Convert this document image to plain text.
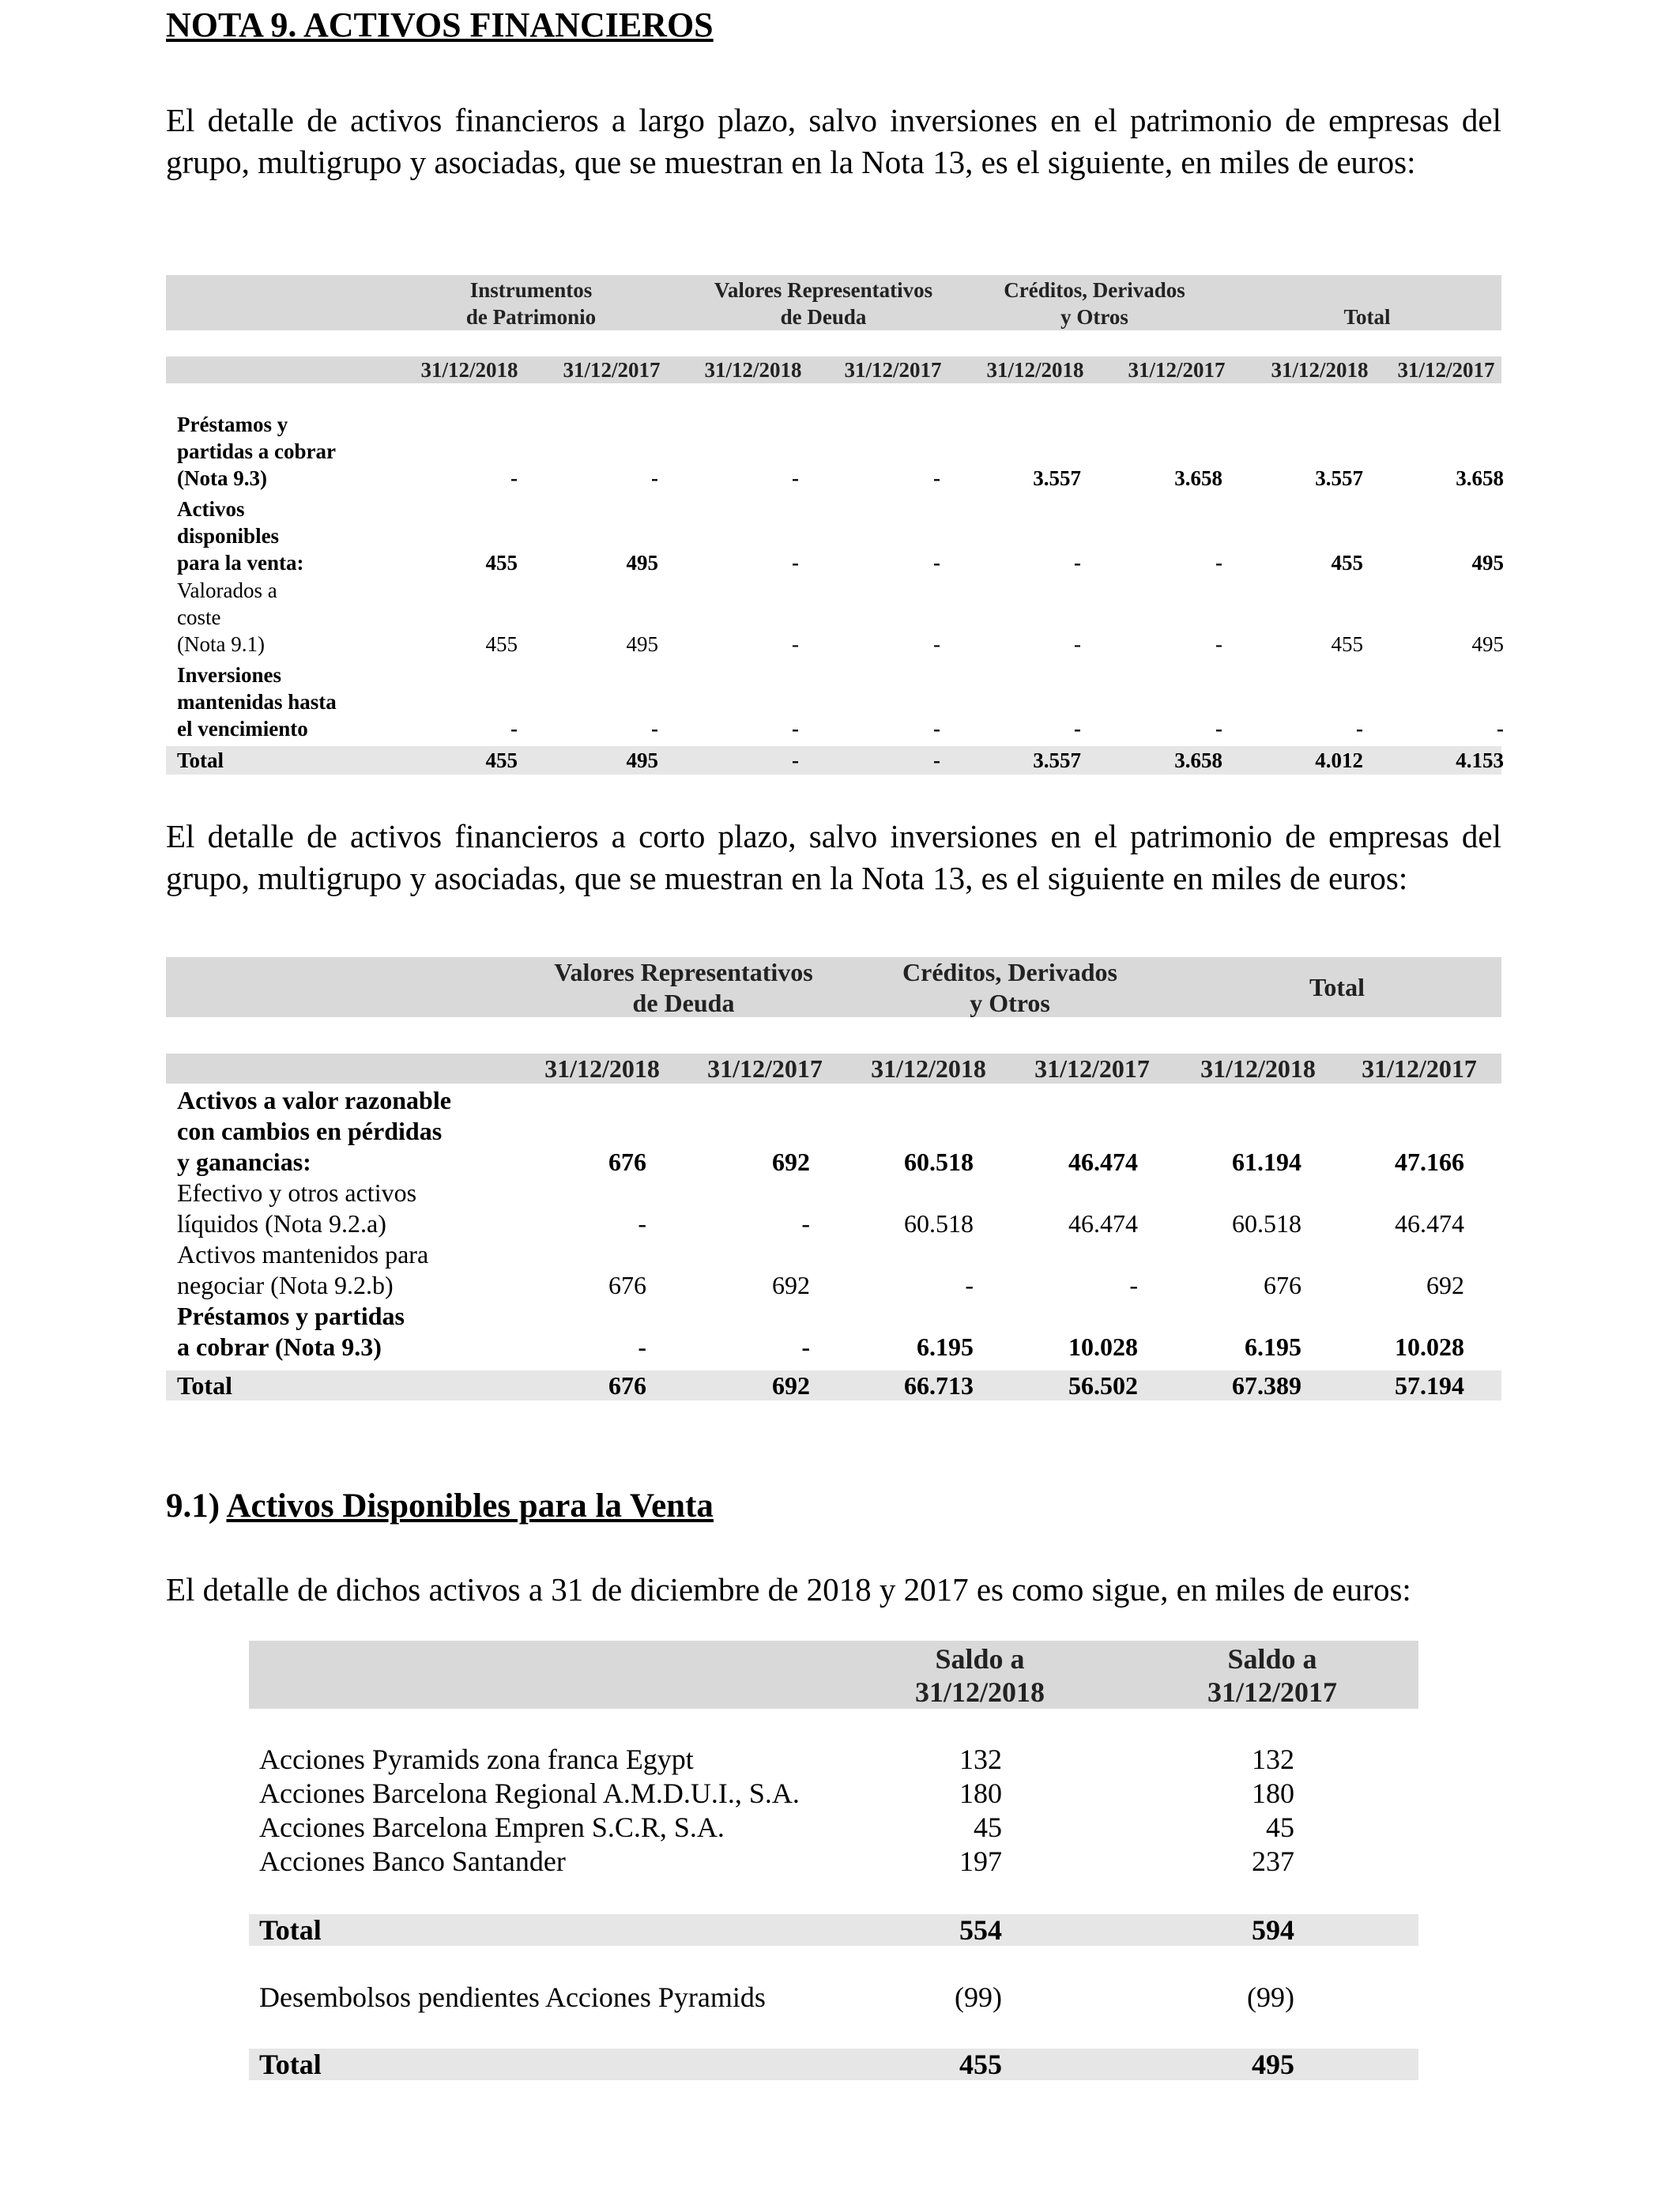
NOTA 9. ACTIVOS FINANCIEROS
El detalle de activos financieros a largo plazo, salvo inversiones en el patrimonio de empresas del grupo, multigrupo y asociadas, que se muestran en la Nota 13, es el siguiente, en miles de euros:
Instrumentos
de Patrimonio
Valores Representativos
de Deuda
Créditos, Derivados
y Otros	Total
31/12/2018	31/12/2017	31/12/2018	31/12/2017	31/12/2018	31/12/2017	31/12/2018	31/12/2017
Préstamos y
partidas a cobrar
(Nota 9.3)	-	-	-	-	3.557	3.658	3.557	3.658
Activos
disponibles
para la venta:	455	495	-	-	-	-	455	495
Valorados a
coste
(Nota 9.1)	455	495	-	-	-	-	455	495
Inversiones
mantenidas hasta
el vencimiento	-	-	-	-	-	-	-	-
Total	455	495	-	-	3.557	3.658	4.012	4.153
El detalle de activos financieros a corto plazo, salvo inversiones en el patrimonio de empresas del grupo, multigrupo y asociadas, que se muestran en la Nota 13, es el siguiente en miles de euros:
Valores Representativos
de Deuda
Créditos, Derivados
y Otros
Total
31/12/2018	31/12/2017	31/12/2018	31/12/2017	31/12/2018	31/12/2017
Activos a valor razonable
con cambios en pérdidas
y ganancias:	676	692	60.518	46.474	61.194	47.166
Efectivo y otros activos
líquidos (Nota 9.2.a)	-	-	60.518	46.474	60.518	46.474
Activos mantenidos para
negociar (Nota 9.2.b)	676	692	-	-	676	692
Préstamos y partidas
a cobrar (Nota 9.3)	-	-	6.195	10.028	6.195	10.028
Total	676	692	66.713	56.502	67.389	57.194
9.1) Activos Disponibles para la Venta
El detalle de dichos activos a 31 de diciembre de 2018 y 2017 es como sigue, en miles de euros:
Saldo a
31/12/2018
Saldo a
31/12/2017
Acciones Pyramids zona franca Egypt	132	132
Acciones Barcelona Regional A.M.D.U.I., S.A.	180	180
Acciones Barcelona Empren S.C.R, S.A.	45	45
Acciones Banco Santander	197	237
Total	554	594
Desembolsos pendientes Acciones Pyramids	(99)	(99)
Total	455	495
